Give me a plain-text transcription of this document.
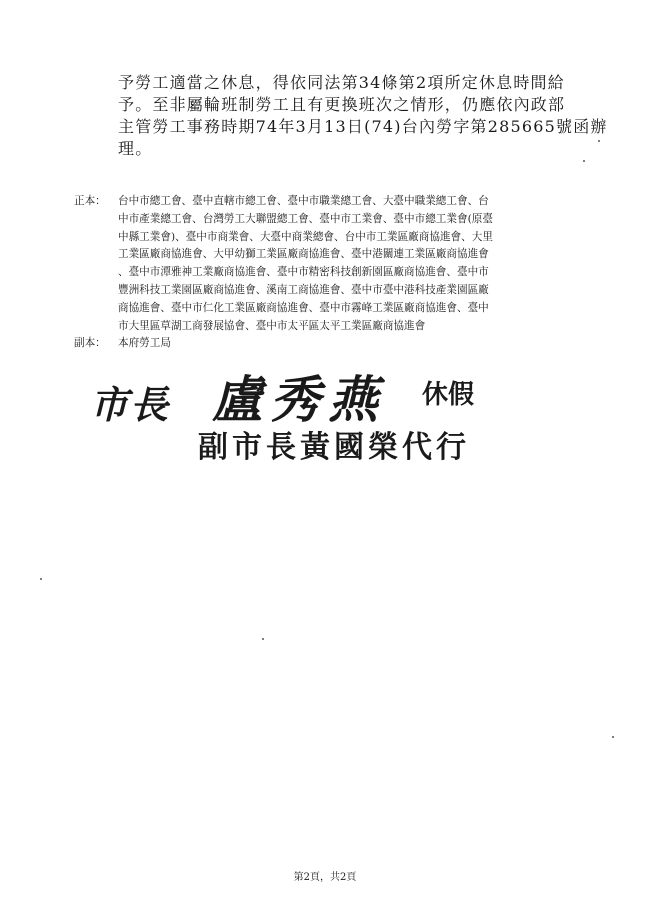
予勞工適當之休息，得依同法第34條第2項所定休息時間給

予。至非屬輪班制勞工且有更換班次之情形，仍應依內政部

主管勞工事務時期74年3月13日(74)台內勞字第285665號函辦

理。

正本：	台中市總工會、臺中直轄市總工會、臺中市職業總工會、大臺中職業總工會、台
中市產業總工會、台灣勞工大聯盟總工會、臺中市工業會、臺中市總工業會(原臺
中縣工業會)、臺中市商業會、大臺中商業總會、台中市工業區廠商協進會、大里
工業區廠商協進會、大甲幼獅工業區廠商協進會、臺中港關連工業區廠商協進會
、臺中市潭雅神工業廠商協進會、臺中市精密科技創新園區廠商協進會、臺中市
豐洲科技工業園區廠商協進會、溪南工商協進會、臺中市臺中港科技產業園區廠
商協進會、臺中市仁化工業區廠商協進會、臺中市霧峰工業區廠商協進會、臺中
市大里區草湖工商發展協會、臺中市太平區太平工業區廠商協進會
副本：	本府勞工局
市長 盧秀燕 休假
副市長黃國榮代行
第2頁，共2頁
